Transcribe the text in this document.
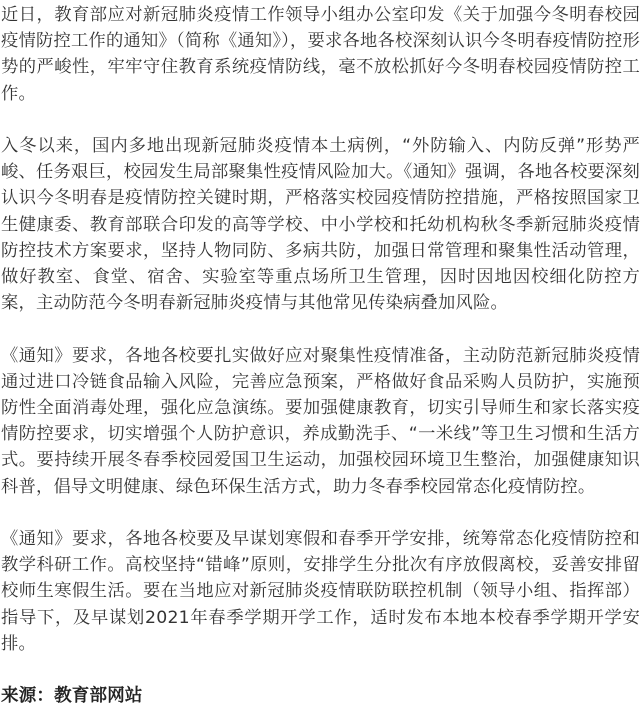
近日，教育部应对新冠肺炎疫情工作领导小组办公室印发《关于加强今冬明春校园疫情防控工作的通知》（简称《通知》），要求各地各校深刻认识今冬明春疫情防控形势的严峻性，牢牢守住教育系统疫情防线，毫不放松抓好今冬明春校园疫情防控工作。

入冬以来，国内多地出现新冠肺炎疫情本土病例，“外防输入、内防反弹”形势严峻、任务艰巨，校园发生局部聚集性疫情风险加大。《通知》强调，各地各校要深刻认识今冬明春是疫情防控关键时期，严格落实校园疫情防控措施，严格按照国家卫生健康委、教育部联合印发的高等学校、中小学校和托幼机构秋冬季新冠肺炎疫情防控技术方案要求，坚持人物同防、多病共防，加强日常管理和聚集性活动管理，做好教室、食堂、宿舍、实验室等重点场所卫生管理，因时因地因校细化防控方案，主动防范今冬明春新冠肺炎疫情与其他常见传染病叠加风险。

《通知》要求，各地各校要扎实做好应对聚集性疫情准备，主动防范新冠肺炎疫情通过进口冷链食品输入风险，完善应急预案，严格做好食品采购人员防护，实施预防性全面消毒处理，强化应急演练。要加强健康教育，切实引导师生和家长落实疫情防控要求，切实增强个人防护意识，养成勤洗手、“一米线”等卫生习惯和生活方式。要持续开展冬春季校园爱国卫生运动，加强校园环境卫生整治，加强健康知识科普，倡导文明健康、绿色环保生活方式，助力冬春季校园常态化疫情防控。

《通知》要求，各地各校要及早谋划寒假和春季开学安排，统筹常态化疫情防控和教学科研工作。高校坚持“错峰”原则，安排学生分批次有序放假离校，妥善安排留校师生寒假生活。要在当地应对新冠肺炎疫情联防联控机制（领导小组、指挥部）指导下，及早谋划2021年春季学期开学工作，适时发布本地本校春季学期开学安排。

来源：教育部网站
